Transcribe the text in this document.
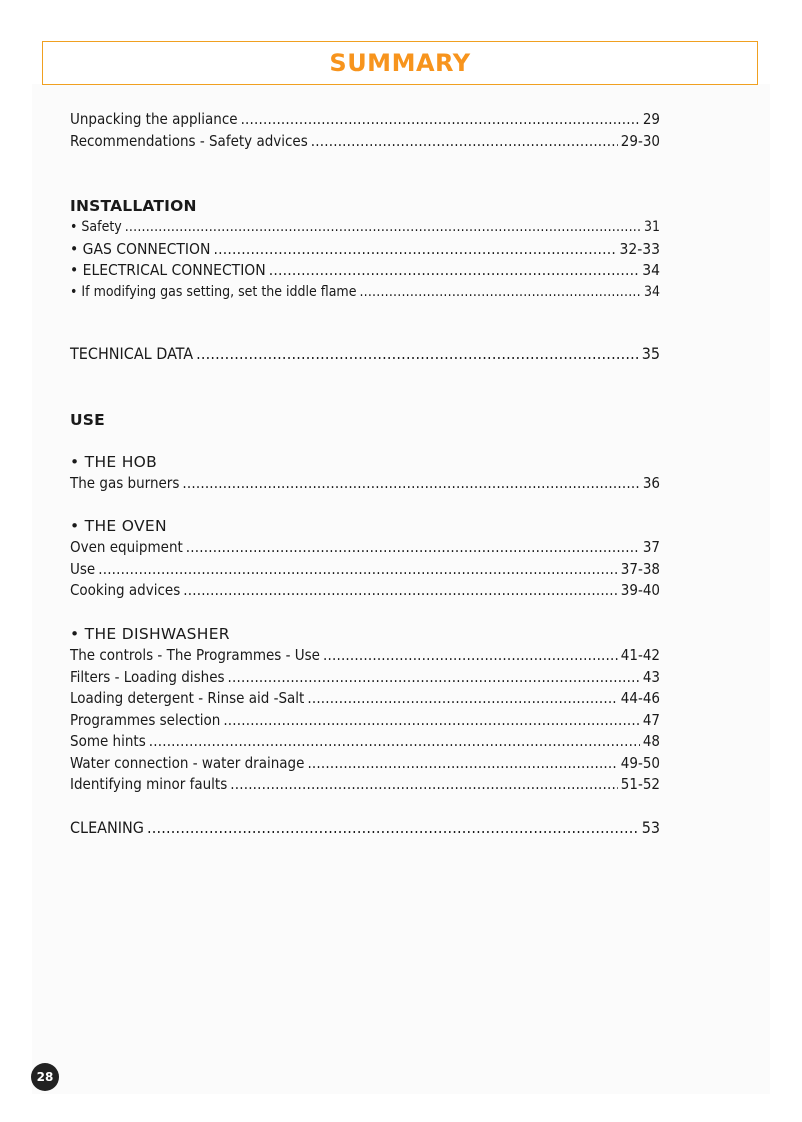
SUMMARY
Unpacking the appliance .....	29
Recommendations - Safety advices .....	29-30
INSTALLATION
• Safety .....	31
• GAS CONNECTION .....	32-33
• ELECTRICAL CONNECTION .....	34
• If modifying gas setting, set the iddle flame .....	34
TECHNICAL DATA .....	35
USE
• THE HOB
The gas burners .....	36
• THE OVEN
Oven equipment .....	37
Use .....	37-38
Cooking advices .....	39-40
• THE DISHWASHER
The controls - The Programmes - Use .....	41-42
Filters - Loading dishes .....	43
Loading detergent - Rinse aid -Salt .....	44-46
Programmes selection .....	47
Some hints .....	48
Water connection - water drainage .....	49-50
Identifying minor faults .....	51-52
CLEANING .....	53
28
